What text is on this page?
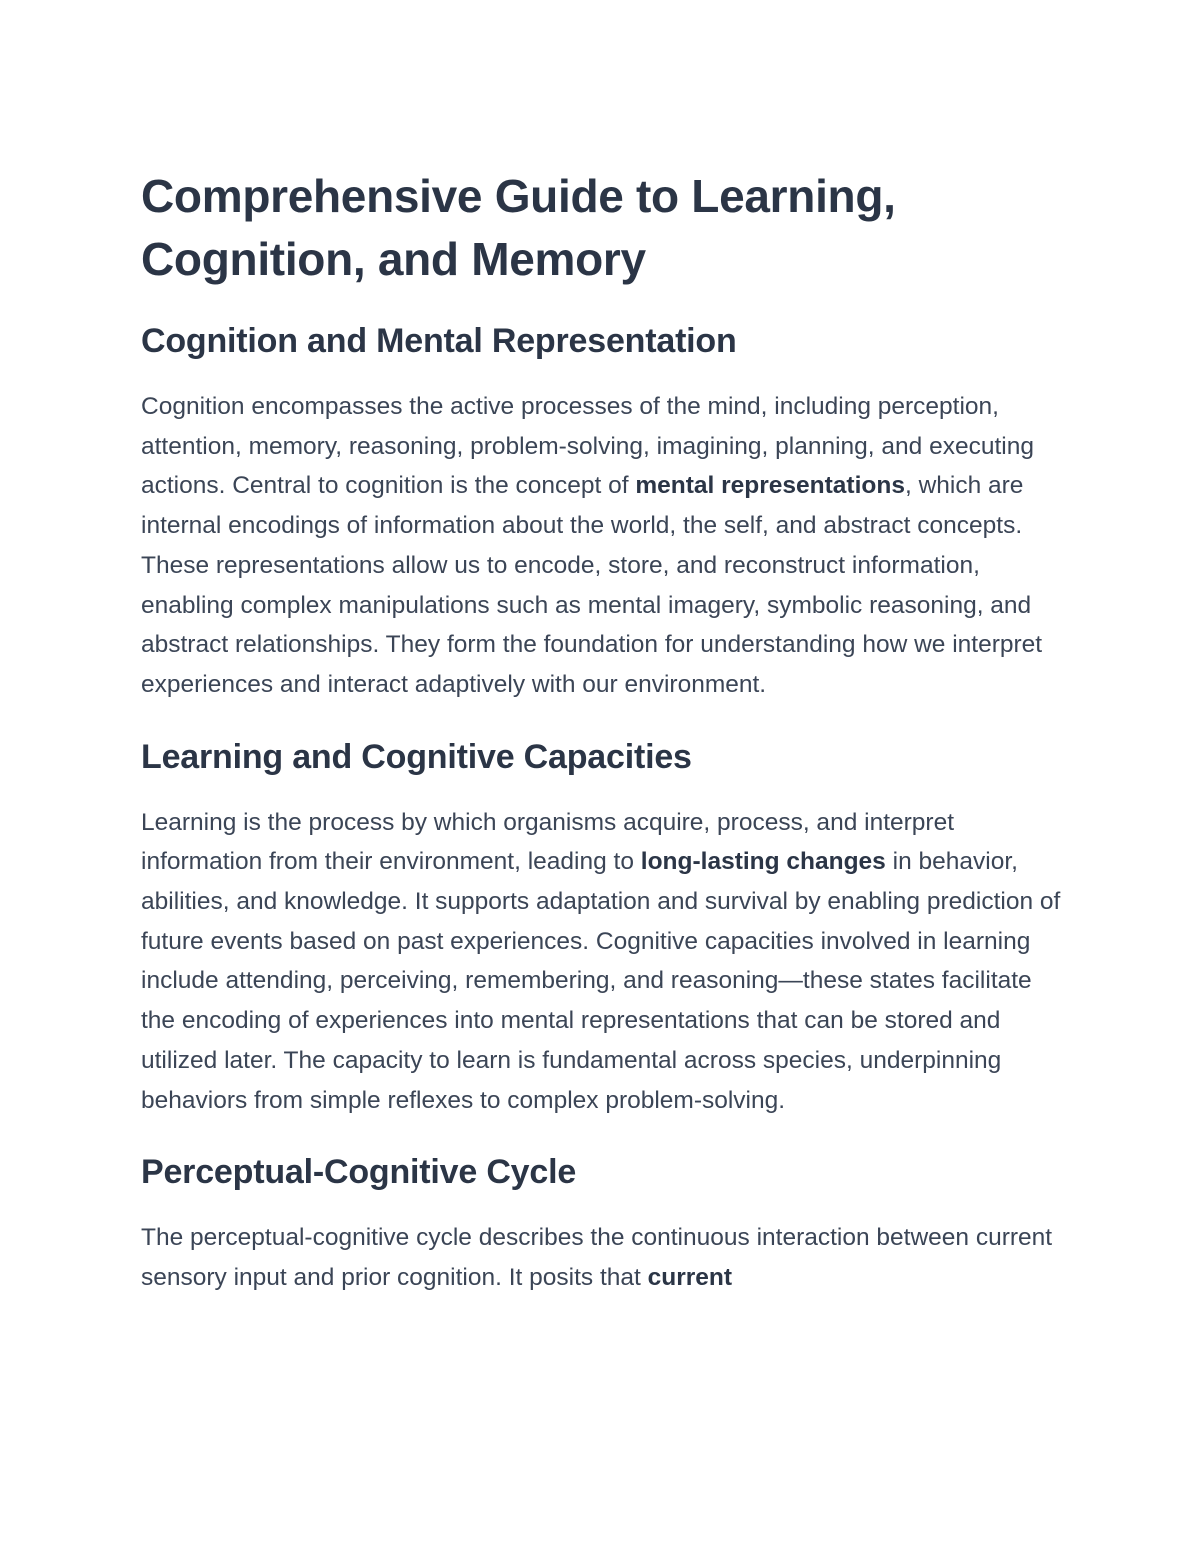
Comprehensive Guide to Learning, Cognition, and Memory
Cognition and Mental Representation

Cognition encompasses the active processes of the mind, including perception, attention, memory, reasoning, problem-solving, imagining, planning, and executing actions. Central to cognition is the concept of mental representations, which are internal encodings of information about the world, the self, and abstract concepts. These representations allow us to encode, store, and reconstruct information, enabling complex manipulations such as mental imagery, symbolic reasoning, and abstract relationships. They form the foundation for understanding how we interpret experiences and interact adaptively with our environment.

Learning and Cognitive Capacities

Learning is the process by which organisms acquire, process, and interpret information from their environment, leading to long-lasting changes in behavior, abilities, and knowledge. It supports adaptation and survival by enabling prediction of future events based on past experiences. Cognitive capacities involved in learning include attending, perceiving, remembering, and reasoning—these states facilitate the encoding of experiences into mental representations that can be stored and utilized later. The capacity to learn is fundamental across species, underpinning behaviors from simple reflexes to complex problem-solving.

Perceptual-Cognitive Cycle

The perceptual-cognitive cycle describes the continuous interaction between current sensory input and prior cognition. It posits that current
